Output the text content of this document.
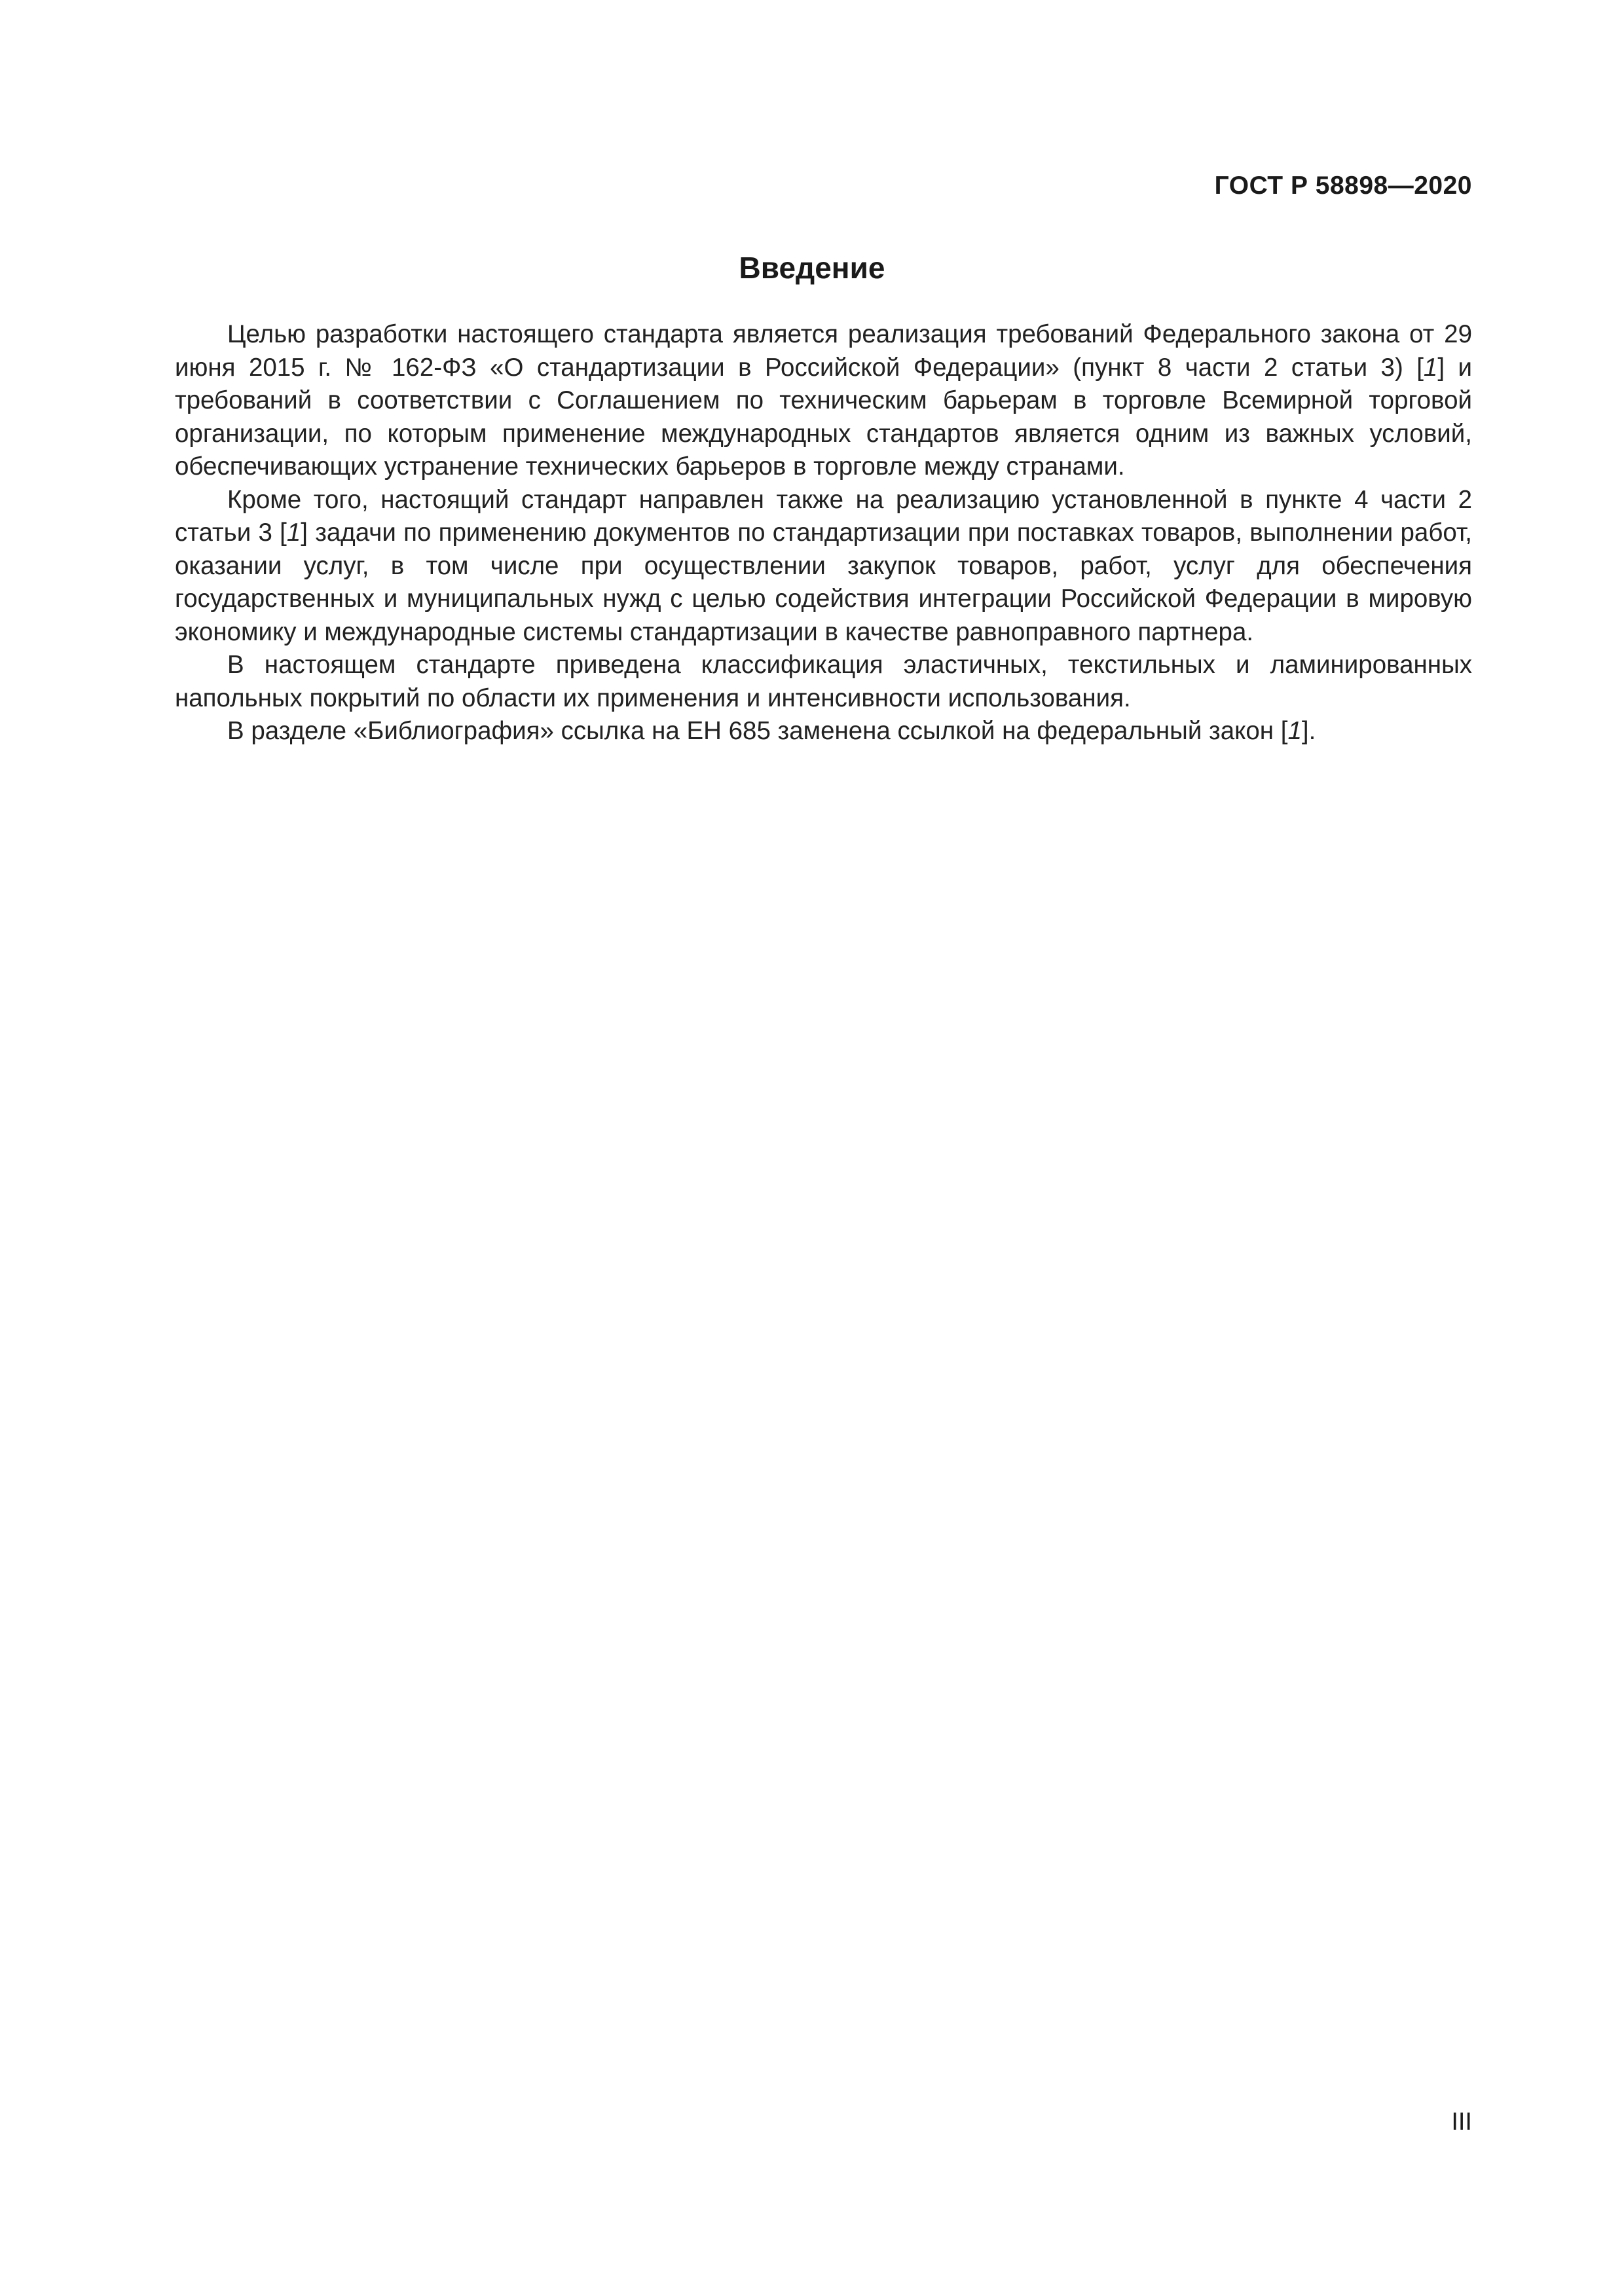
ГОСТ Р 58898—2020
Введение

Целью разработки настоящего стандарта является реализация требований Федерального закона от 29 июня 2015 г. № 162-ФЗ «О стандартизации в Российской Федерации» (пункт 8 части 2 статьи 3) [1] и требований в соответствии с Соглашением по техническим барьерам в торговле Всемирной торговой организации, по которым применение международных стандартов является одним из важных условий, обеспечивающих устранение технических барьеров в торговле между странами.

Кроме того, настоящий стандарт направлен также на реализацию установленной в пункте 4 части 2 статьи 3 [1] задачи по применению документов по стандартизации при поставках товаров, выполнении работ, оказании услуг, в том числе при осуществлении закупок товаров, работ, услуг для обеспечения государственных и муниципальных нужд с целью содействия интеграции Российской Федерации в мировую экономику и международные системы стандартизации в качестве равноправного партнера.

В настоящем стандарте приведена классификация эластичных, текстильных и ламинированных напольных покрытий по области их применения и интенсивности использования.

В разделе «Библиография» ссылка на ЕН 685 заменена ссылкой на федеральный закон [1].

III
